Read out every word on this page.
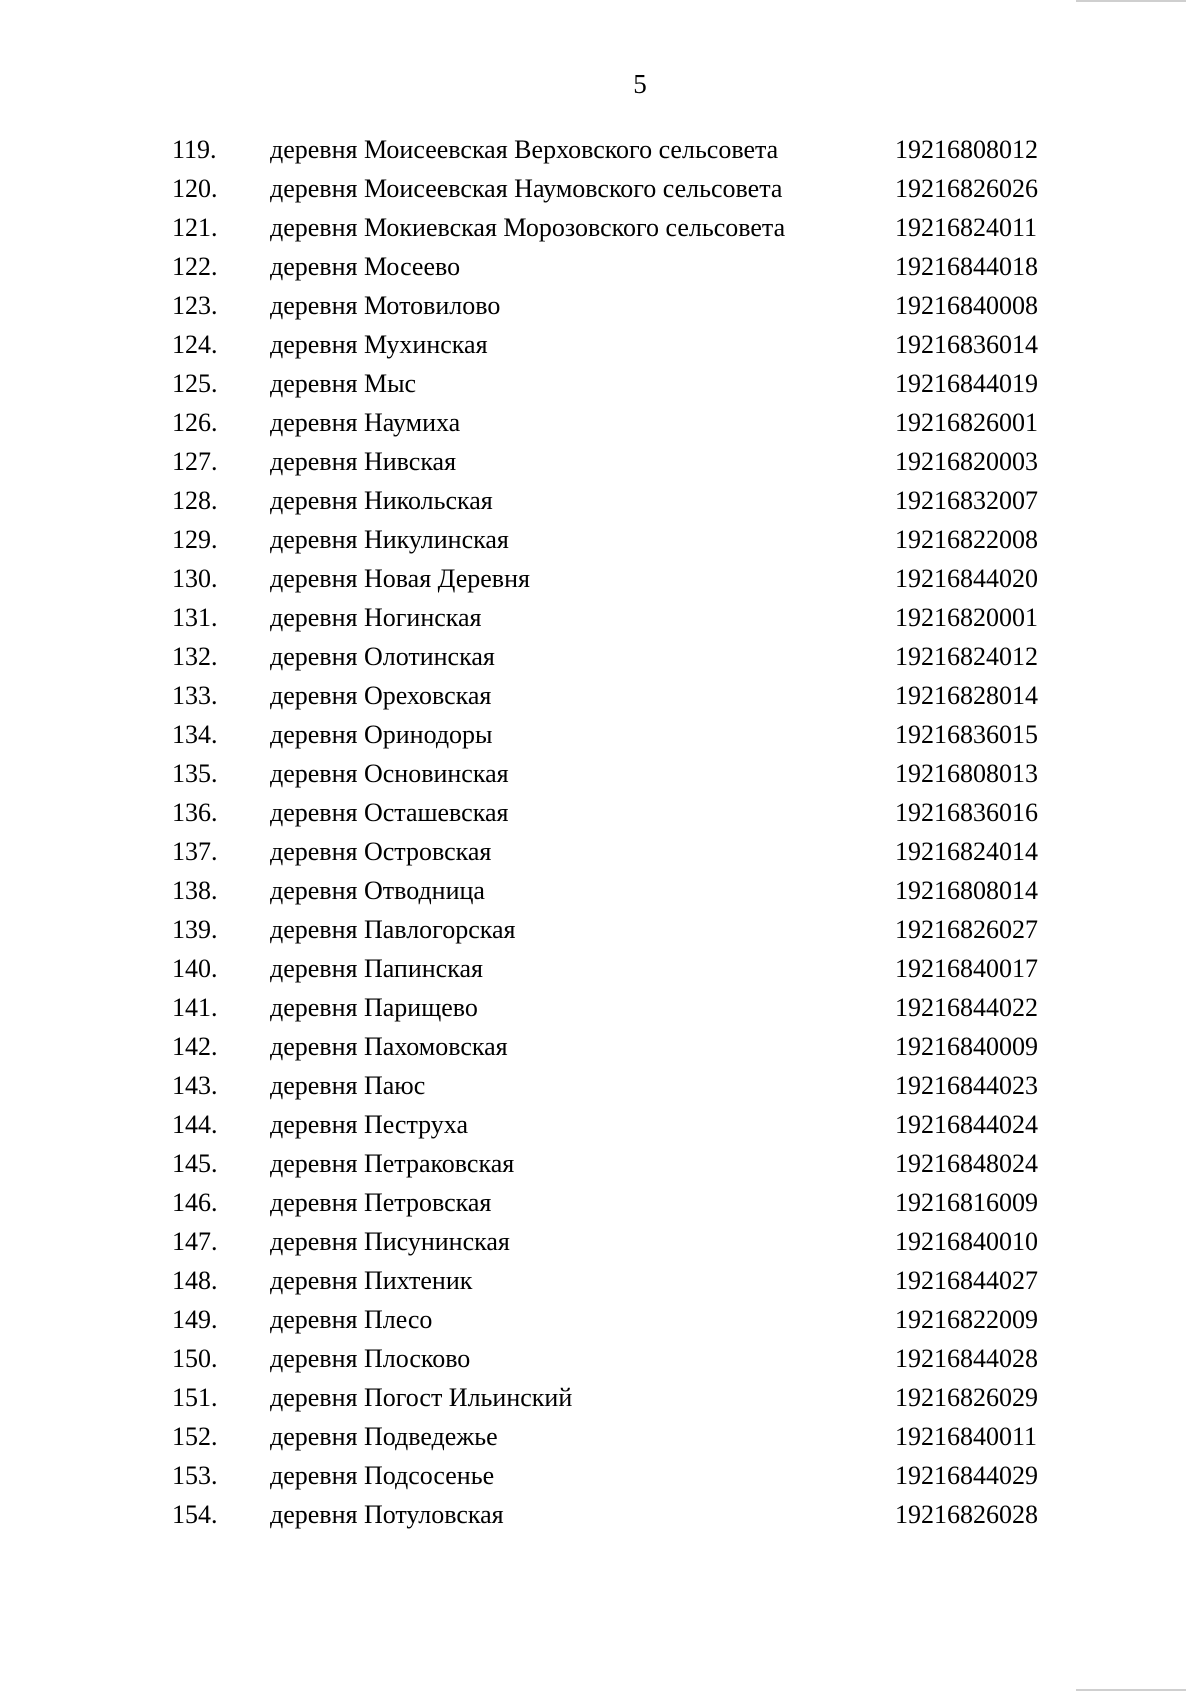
5
119. деревня Моисеевская Верховского сельсовета	19216808012
120. деревня Моисеевская Наумовского сельсовета	19216826026
121. деревня Мокиевская Морозовского сельсовета	19216824011
122. деревня Мосеево	19216844018
123. деревня Мотовилово	19216840008
124. деревня Мухинская	19216836014
125. деревня Мыс	19216844019
126. деревня Наумиха	19216826001
127. деревня Нивская	19216820003
128. деревня Никольская	19216832007
129. деревня Никулинская	19216822008
130. деревня Новая Деревня	19216844020
131. деревня Ногинская	19216820001
132. деревня Олотинская	19216824012
133. деревня Ореховская	19216828014
134. деревня Оринодоры	19216836015
135. деревня Основинская	19216808013
136. деревня Осташевская	19216836016
137. деревня Островская	19216824014
138. деревня Отводница	19216808014
139. деревня Павлогорская	19216826027
140. деревня Папинская	19216840017
141. деревня Парищево	19216844022
142. деревня Пахомовская	19216840009
143. деревня Паюс	19216844023
144. деревня Пеструха	19216844024
145. деревня Петраковская	19216848024
146. деревня Петровская	19216816009
147. деревня Писунинская	19216840010
148. деревня Пихтеник	19216844027
149. деревня Плесо	19216822009
150. деревня Плосково	19216844028
151. деревня Погост Ильинский	19216826029
152. деревня Подведежье	19216840011
153. деревня Подсосенье	19216844029
154. деревня Потуловская	19216826028
